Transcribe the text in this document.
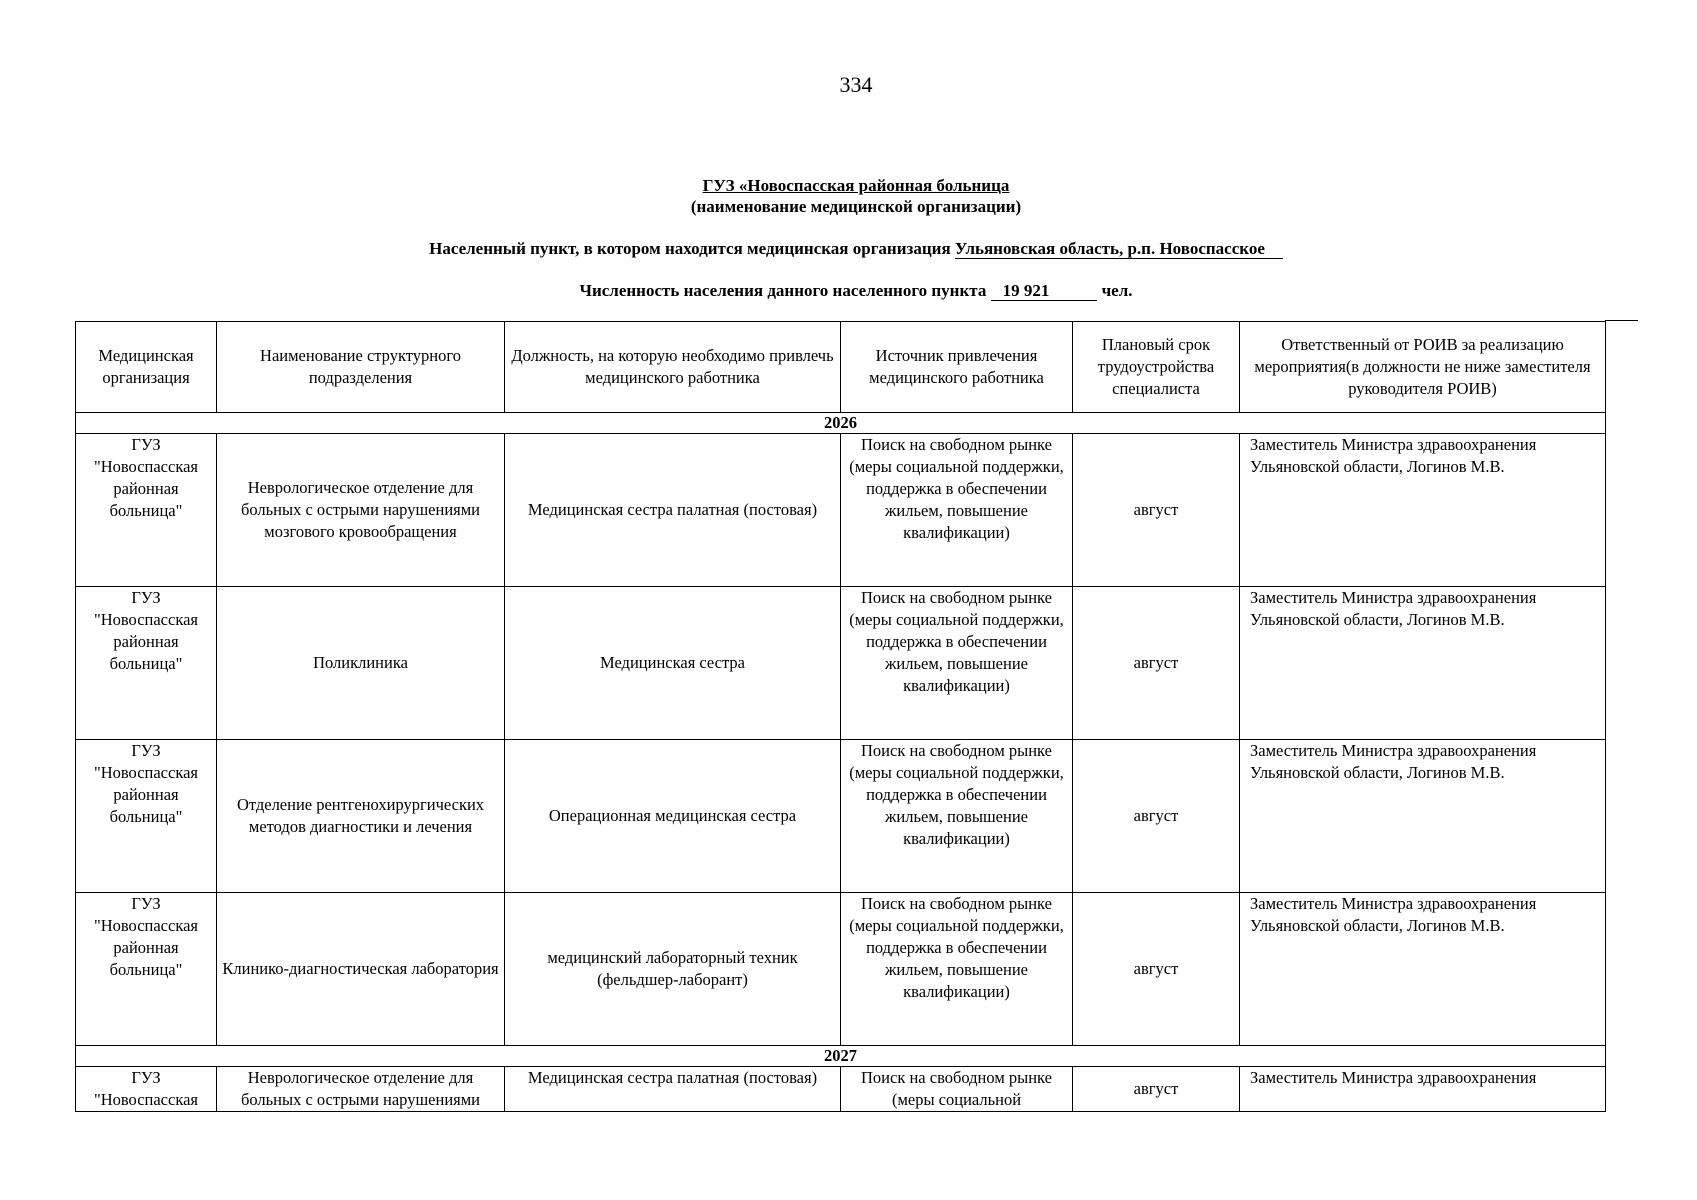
334
ГУЗ «Новоспасская районная больница
(наименование медицинской организации)
Населенный пункт, в котором находится медицинская организация Ульяновская область, р.п. Новоспасское
Численность населения данного населенного пункта 19 921	чел.
Медицинская организация	Наименование структурного подразделения	Должность, на которую необходимо привлечь медицинского работника	Источник привлечения медицинского работника	Плановый срок трудоустройства специалиста	Ответственный от РОИВ за реализацию мероприятия(в должности не ниже заместителя руководителя РОИВ)
2026					
ГУЗ "Новоспасская районная больница"	Неврологическое отделение для больных с острыми нарушениями мозгового кровообращения	Медицинская сестра палатная (постовая)	Поиск на свободном рынке (меры социальной поддержки, поддержка в обеспечении жильем, повышение квалификации)	август	Заместитель Министра здравоохранения Ульяновской области, Логинов М.В.
ГУЗ "Новоспасская районная больница"	Поликлиника	Медицинская сестра	Поиск на свободном рынке (меры социальной поддержки, поддержка в обеспечении жильем, повышение квалификации)	август	Заместитель Министра здравоохранения Ульяновской области, Логинов М.В.
ГУЗ "Новоспасская районная больница"	Отделение рентгенохирургических методов диагностики и лечения	Операционная медицинская сестра	Поиск на свободном рынке (меры социальной поддержки, поддержка в обеспечении жильем, повышение квалификации)	август	Заместитель Министра здравоохранения Ульяновской области, Логинов М.В.
ГУЗ "Новоспасская районная больница"	Клинико-диагностическая лаборатория	медицинский лабораторный техник (фельдшер-лаборант)	Поиск на свободном рынке (меры социальной поддержки, поддержка в обеспечении жильем, повышение квалификации)	август	Заместитель Министра здравоохранения Ульяновской области, Логинов М.В.
2027					

ГУЗ "Новоспасская	Неврологическое отделение для больных с острыми нарушениями	Медицинская сестра палатная (постовая)	Поиск на свободном рынке (меры социальной	август	Заместитель Министра здравоохранения
